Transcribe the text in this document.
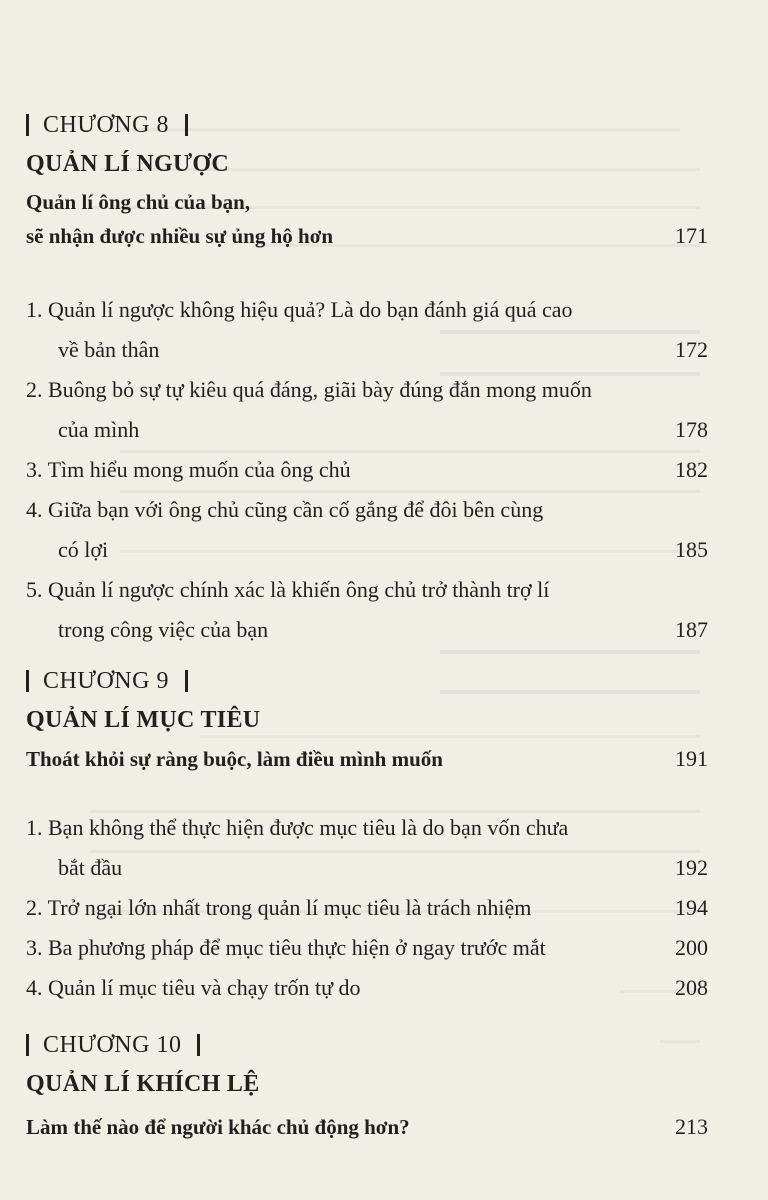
CHƯƠNG 8
QUẢN LÍ NGƯỢC
Quản lí ông chủ của bạn,
sẽ nhận được nhiều sự ủng hộ hơn	171
1. Quản lí ngược không hiệu quả? Là do bạn đánh giá quá cao
về bản thân	172
2. Buông bỏ sự tự kiêu quá đáng, giãi bày đúng đắn mong muốn
của mình	178
3. Tìm hiểu mong muốn của ông chủ	182
4. Giữa bạn với ông chủ cũng cần cố gắng để đôi bên cùng
có lợi	185
5. Quản lí ngược chính xác là khiến ông chủ trở thành trợ lí
trong công việc của bạn	187
CHƯƠNG 9
QUẢN LÍ MỤC TIÊU
Thoát khỏi sự ràng buộc, làm điều mình muốn	191
1. Bạn không thể thực hiện được mục tiêu là do bạn vốn chưa
bắt đầu	192
2. Trở ngại lớn nhất trong quản lí mục tiêu là trách nhiệm	194
3. Ba phương pháp để mục tiêu thực hiện ở ngay trước mắt	200
4. Quản lí mục tiêu và chạy trốn tự do	208
CHƯƠNG 10
QUẢN LÍ KHÍCH LỆ
Làm thế nào để người khác chủ động hơn?	213
